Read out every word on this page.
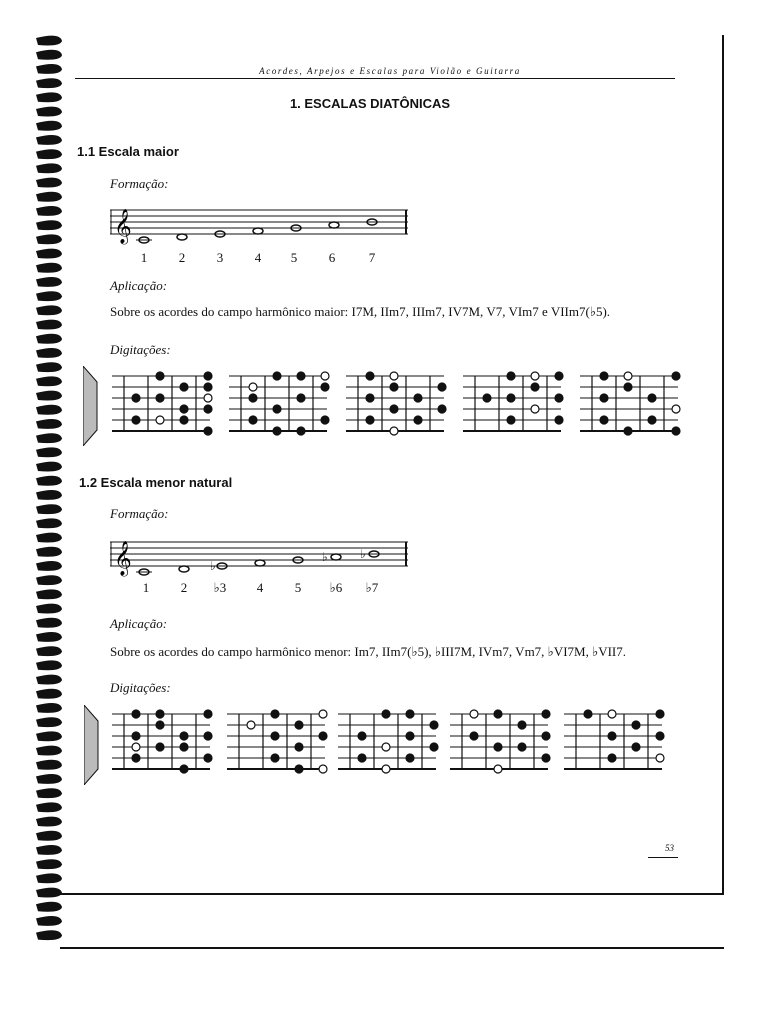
Acordes, Arpejos e Escalas para Violão e Guitarra
1. ESCALAS DIATÔNICAS
1.1 Escala maior
Formação:
𝄞
1	2	3	4	5	6	7
Aplicação:
Sobre os acordes do campo harmônico maior: I7M, IIm7, IIIm7, IV7M, V7, VIm7 e VIIm7(♭5).
Digitações:
1.2 Escala menor natural
Formação:
𝄞	♭
♭	♭
1	2	♭3	4	5	♭6 ♭7
Aplicação:
Sobre os acordes do campo harmônico menor: Im7, IIm7(♭5), ♭III7M, IVm7, Vm7, ♭VI7M, ♭VII7.
Digitações:
53
